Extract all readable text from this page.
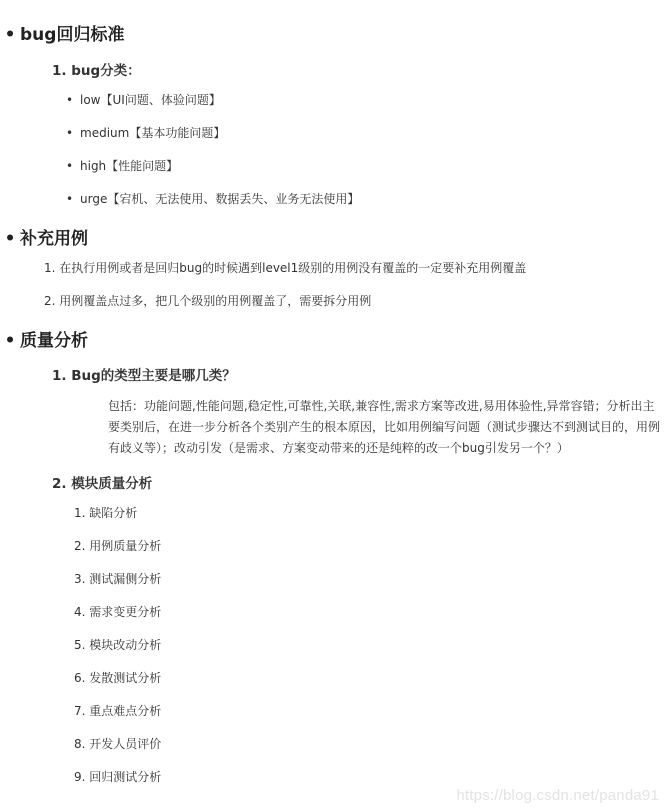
• bug回归标准
1. bug分类：
• low【UI问题、体验问题】
• medium【基本功能问题】
• high【性能问题】
• urge【宕机、无法使用、数据丢失、业务无法使用】
• 补充用例
1. 在执行用例或者是回归bug的时候遇到level1级别的用例没有覆盖的一定要补充用例覆盖
2. 用例覆盖点过多，把几个级别的用例覆盖了，需要拆分用例
• 质量分析
1. Bug的类型主要是哪几类？
包括：功能问题,性能问题,稳定性,可靠性,关联,兼容性,需求方案等改进,易用体验性,异常容错；分析出主要类别后，在进一步分析各个类别产生的根本原因，比如用例编写问题（测试步骤达不到测试目的，用例有歧义等）；改动引发（是需求、方案变动带来的还是纯粹的改一个bug引发另一个？）
2. 模块质量分析
1. 缺陷分析
2. 用例质量分析
3. 测试漏侧分析
4. 需求变更分析
5. 模块改动分析
6. 发散测试分析
7. 重点难点分析
8. 开发人员评价
9. 回归测试分析
https://blog.csdn.net/panda91
